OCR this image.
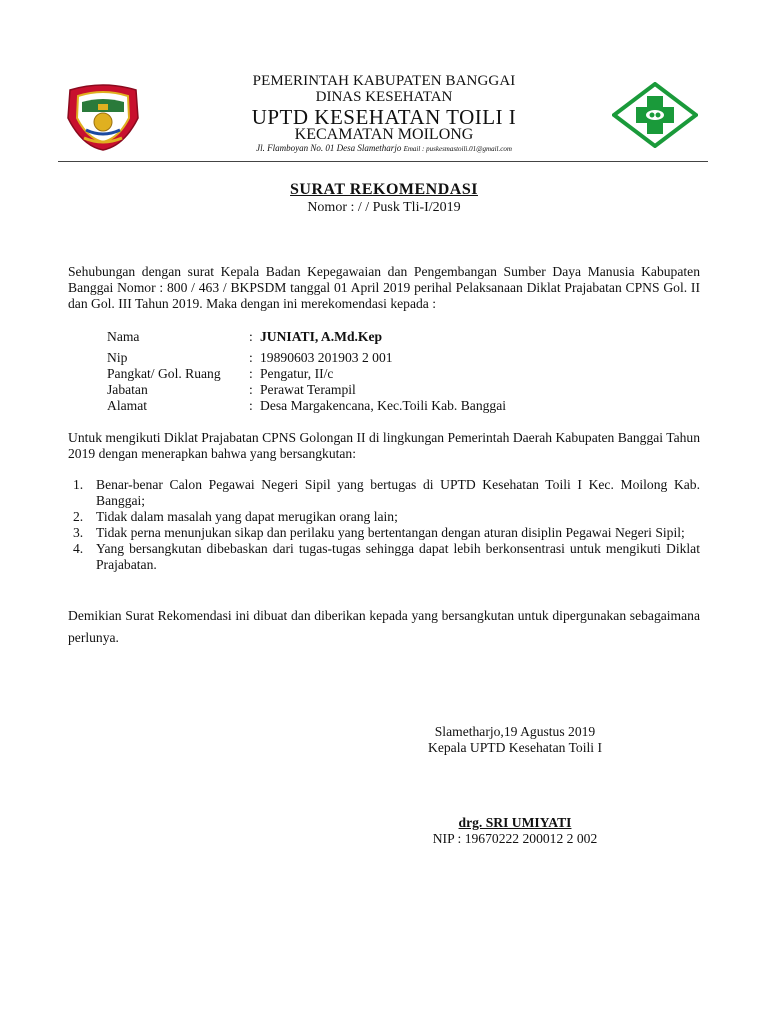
PEMERINTAH KABUPATEN BANGGAI
DINAS KESEHATAN
UPTD KESEHATAN TOILI I
KECAMATAN MOILONG
Jl. Flamboyan No. 01 Desa Slametharjo Email : puskesmastoili.01@gmail.com
SURAT REKOMENDASI
Nomor : / / Pusk Tli-I/2019
Sehubungan dengan surat Kepala Badan Kepegawaian dan Pengembangan Sumber Daya Manusia Kabupaten Banggai Nomor : 800 / 463 / BKPSDM tanggal 01 April 2019 perihal Pelaksanaan Diklat Prajabatan CPNS Gol. II dan Gol. III Tahun 2019. Maka dengan ini merekomendasi kepada :
Nama	: JUNIATI, A.Md.Kep
Nip	: 19890603 201903 2 001
Pangkat/ Gol. Ruang	: Pengatur, II/c
Jabatan	: Perawat Terampil
Alamat	: Desa Margakencana, Kec.Toili Kab. Banggai
Untuk mengikuti Diklat Prajabatan CPNS Golongan II di lingkungan Pemerintah Daerah Kabupaten Banggai Tahun 2019 dengan menerapkan bahwa yang bersangkutan:
1. Benar-benar Calon Pegawai Negeri Sipil yang bertugas di UPTD Kesehatan Toili I Kec. Moilong Kab. Banggai;
2. Tidak dalam masalah yang dapat merugikan orang lain;
3. Tidak perna menunjukan sikap dan perilaku yang bertentangan dengan aturan disiplin Pegawai Negeri Sipil;
4. Yang bersangkutan dibebaskan dari tugas-tugas sehingga dapat lebih berkonsentrasi untuk mengikuti Diklat Prajabatan.
Demikian Surat Rekomendasi ini dibuat dan diberikan kepada yang bersangkutan untuk dipergunakan sebagaimana perlunya.
Slametharjo,19 Agustus 2019
Kepala UPTD Kesehatan Toili I
drg. SRI UMIYATI
NIP : 19670222 200012 2 002
